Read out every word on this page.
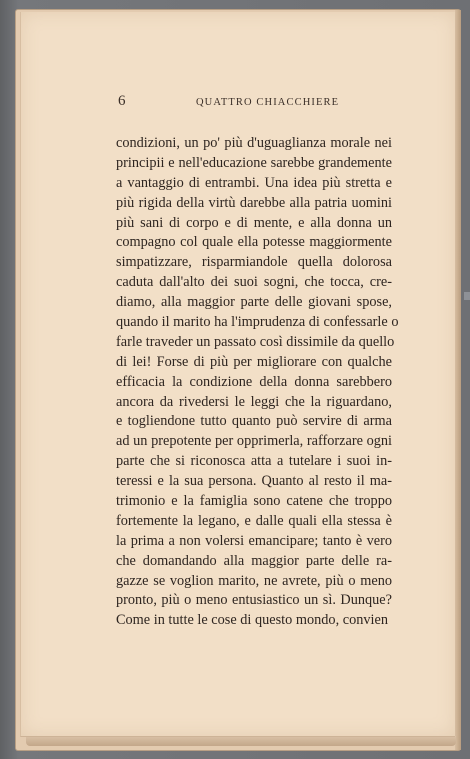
6	QUATTRO CHIACCHIERE
condizioni, un po' più d'uguaglianza morale nei
principii e nell'educazione sarebbe grandemente
a vantaggio di entrambi. Una idea più stretta e
più rigida della virtù darebbe alla patria uomini
più sani di corpo e di mente, e alla donna un
compagno col quale ella potesse maggiormente
simpatizzare, risparmiandole quella dolorosa
caduta dall'alto dei suoi sogni, che tocca, cre-
diamo, alla maggior parte delle giovani spose,
quando il marito ha l'imprudenza di confessarle o
farle traveder un passato così dissimile da quello
di lei! Forse di più per migliorare con qualche
efficacia la condizione della donna sarebbero
ancora da rivedersi le leggi che la riguardano,
e togliendone tutto quanto può servire di arma
ad un prepotente per opprimerla, rafforzare ogni
parte che si riconosca atta a tutelare i suoi in-
teressi e la sua persona. Quanto al resto il ma-
trimonio e la famiglia sono catene che troppo
fortemente la legano, e dalle quali ella stessa è
la prima a non volersi emancipare; tanto è vero
che domandando alla maggior parte delle ra-
gazze se voglion marito, ne avrete, più o meno
pronto, più o meno entusiastico un sì. Dunque?
Come in tutte le cose di questo mondo, convien
